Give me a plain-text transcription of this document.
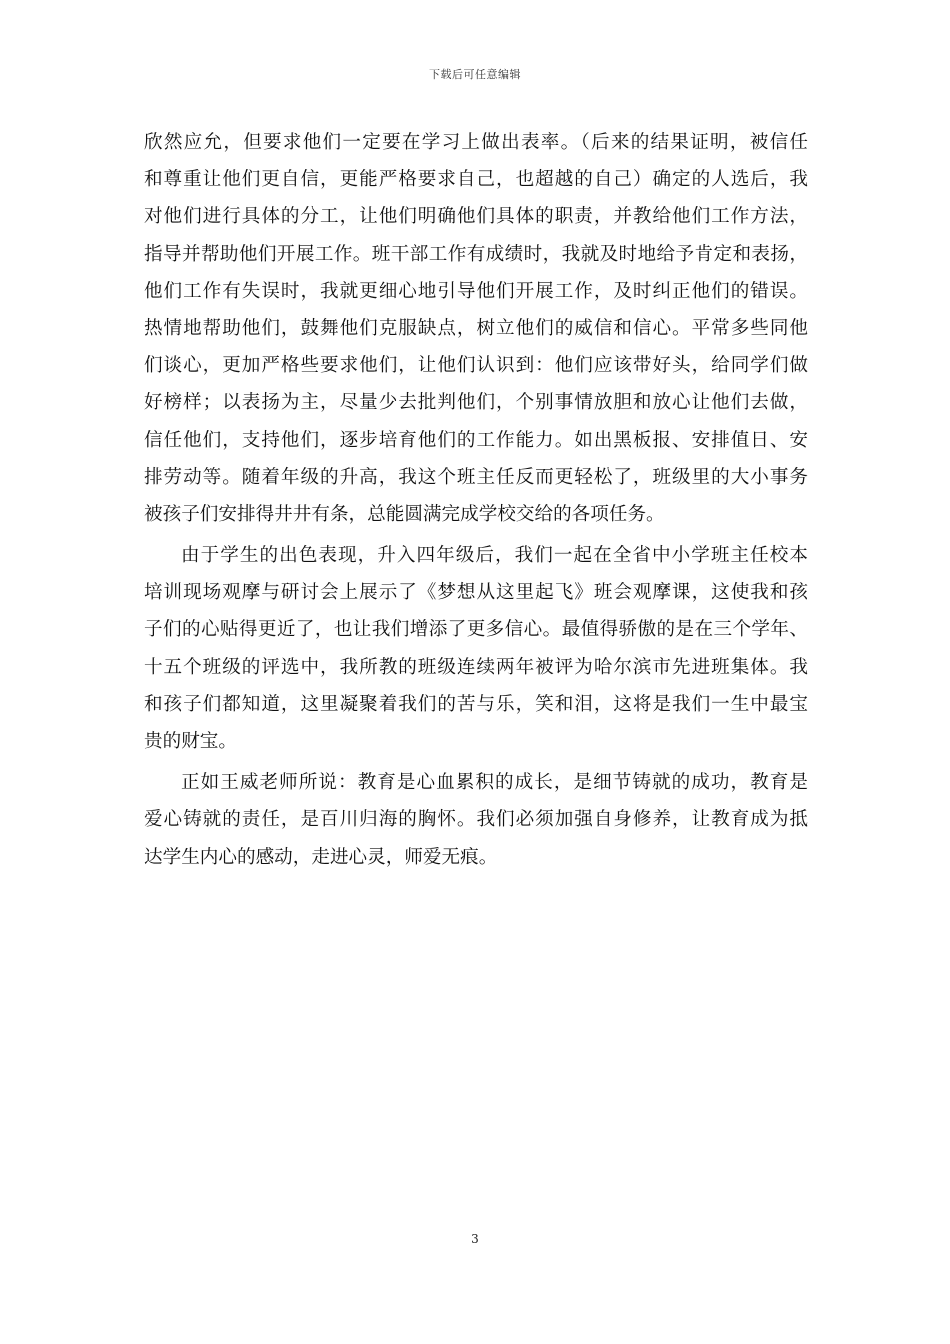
下载后可任意编辑
欣然应允，但要求他们一定要在学习上做出表率。（后来的结果证明，被信任
和尊重让他们更自信，更能严格要求自己，也超越的自己）确定的人选后，我
对他们进行具体的分工，让他们明确他们具体的职责，并教给他们工作方法，
指导并帮助他们开展工作。班干部工作有成绩时，我就及时地给予肯定和表扬，
他们工作有失误时，我就更细心地引导他们开展工作，及时纠正他们的错误。
热情地帮助他们，鼓舞他们克服缺点，树立他们的威信和信心。平常多些同他
们谈心，更加严格些要求他们，让他们认识到：他们应该带好头，给同学们做
好榜样；以表扬为主，尽量少去批判他们，个别事情放胆和放心让他们去做，
信任他们，支持他们，逐步培育他们的工作能力。如出黑板报、安排值日、安
排劳动等。随着年级的升高，我这个班主任反而更轻松了，班级里的大小事务
被孩子们安排得井井有条，总能圆满完成学校交给的各项任务。
由于学生的出色表现，升入四年级后，我们一起在全省中小学班主任校本
培训现场观摩与研讨会上展示了《梦想从这里起飞》班会观摩课，这使我和孩
子们的心贴得更近了，也让我们增添了更多信心。最值得骄傲的是在三个学年、
十五个班级的评选中，我所教的班级连续两年被评为哈尔滨市先进班集体。我
和孩子们都知道，这里凝聚着我们的苦与乐，笑和泪，这将是我们一生中最宝
贵的财宝。
正如王威老师所说：教育是心血累积的成长，是细节铸就的成功，教育是
爱心铸就的责任，是百川归海的胸怀。我们必须加强自身修养，让教育成为抵
达学生内心的感动，走进心灵，师爱无痕。
3
